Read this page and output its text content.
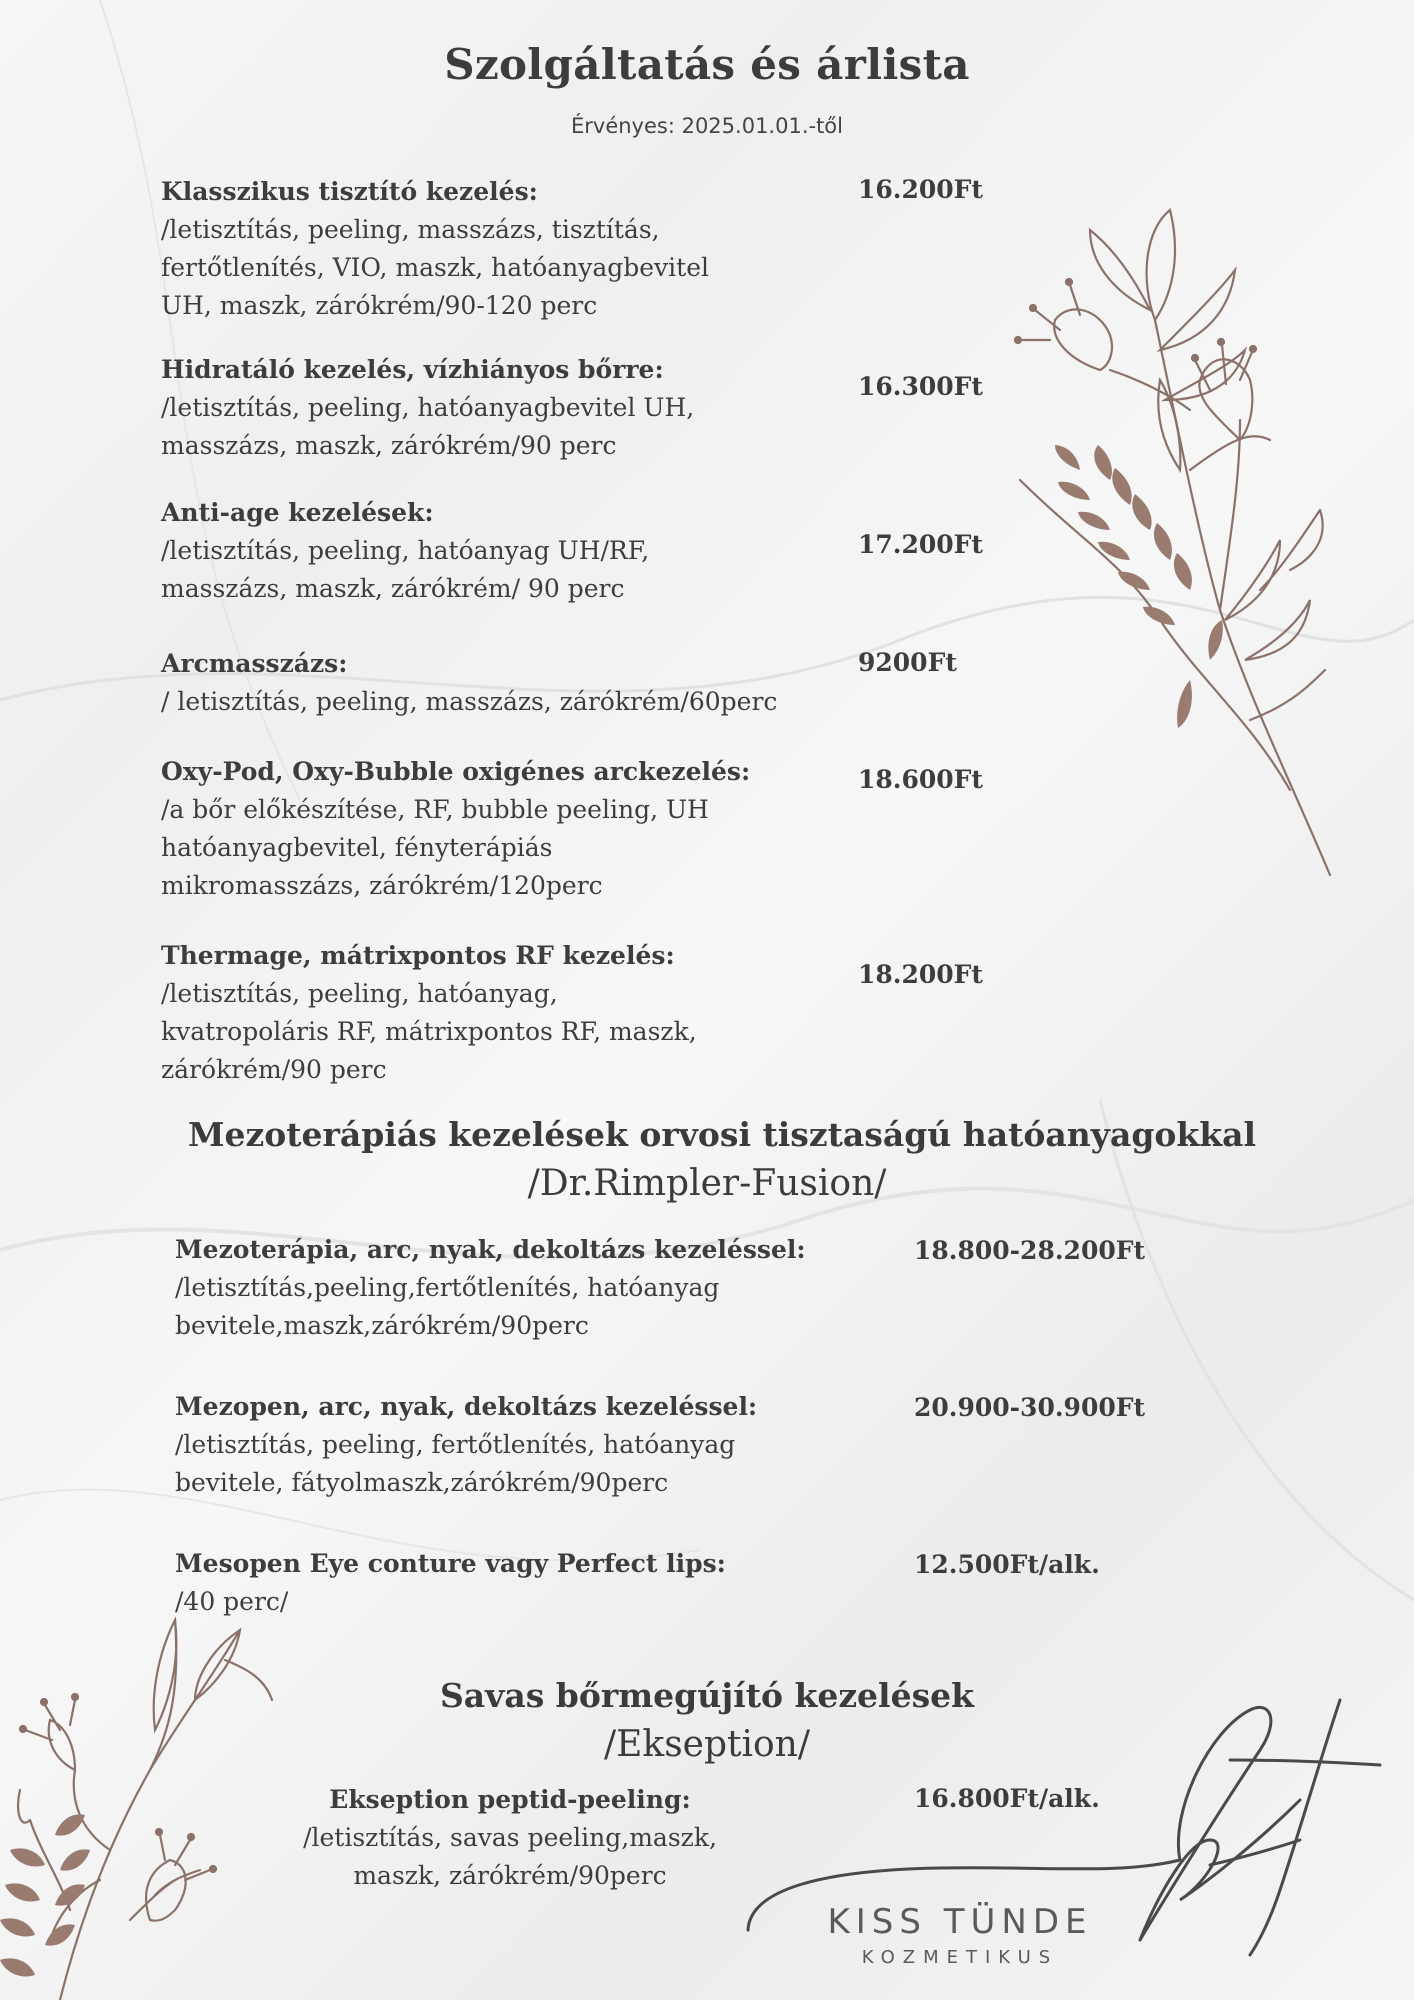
Szolgáltatás és árlista
Érvényes: 2025.01.01.-től
Klasszikus tisztító kezelés:
/letisztítás, peeling, masszázs, tisztítás,
fertőtlenítés, VIO, maszk, hatóanyagbevitel
UH, maszk, zárókrém/90-120 perc
16.200Ft
Hidratáló kezelés, vízhiányos bőrre:
/letisztítás, peeling, hatóanyagbevitel UH,
masszázs, maszk, zárókrém/90 perc
16.300Ft
Anti-age kezelések:
/letisztítás, peeling, hatóanyag UH/RF,
masszázs, maszk, zárókrém/ 90 perc
17.200Ft
Arcmasszázs:
/ letisztítás, peeling, masszázs, zárókrém/60perc
9200Ft
Oxy-Pod, Oxy-Bubble oxigénes arckezelés:
/a bőr előkészítése, RF, bubble peeling, UH
hatóanyagbevitel, fényterápiás
mikromasszázs, zárókrém/120perc
18.600Ft
Thermage, mátrixpontos RF kezelés:
/letisztítás, peeling, hatóanyag,
kvatropoláris RF, mátrixpontos RF, maszk,
zárókrém/90 perc
18.200Ft
Mezoterápiás kezelések orvosi tisztaságú hatóanyagokkal
/Dr.Rimpler-Fusion/
Mezoterápia, arc, nyak, dekoltázs kezeléssel:
/letisztítás,peeling,fertőtlenítés, hatóanyag
bevitele,maszk,zárókrém/90perc
18.800-28.200Ft
Mezopen, arc, nyak, dekoltázs kezeléssel:
/letisztítás, peeling, fertőtlenítés, hatóanyag
bevitele, fátyolmaszk,zárókrém/90perc
20.900-30.900Ft
Mesopen Eye conture vagy Perfect lips:
/40 perc/
12.500Ft/alk.
Savas bőrmegújító kezelések
/Ekseption/
Ekseption peptid-peeling:
/letisztítás, savas peeling,maszk,
maszk, zárókrém/90perc
16.800Ft/alk.
KISS TÜNDE
KOZMETIKUS
